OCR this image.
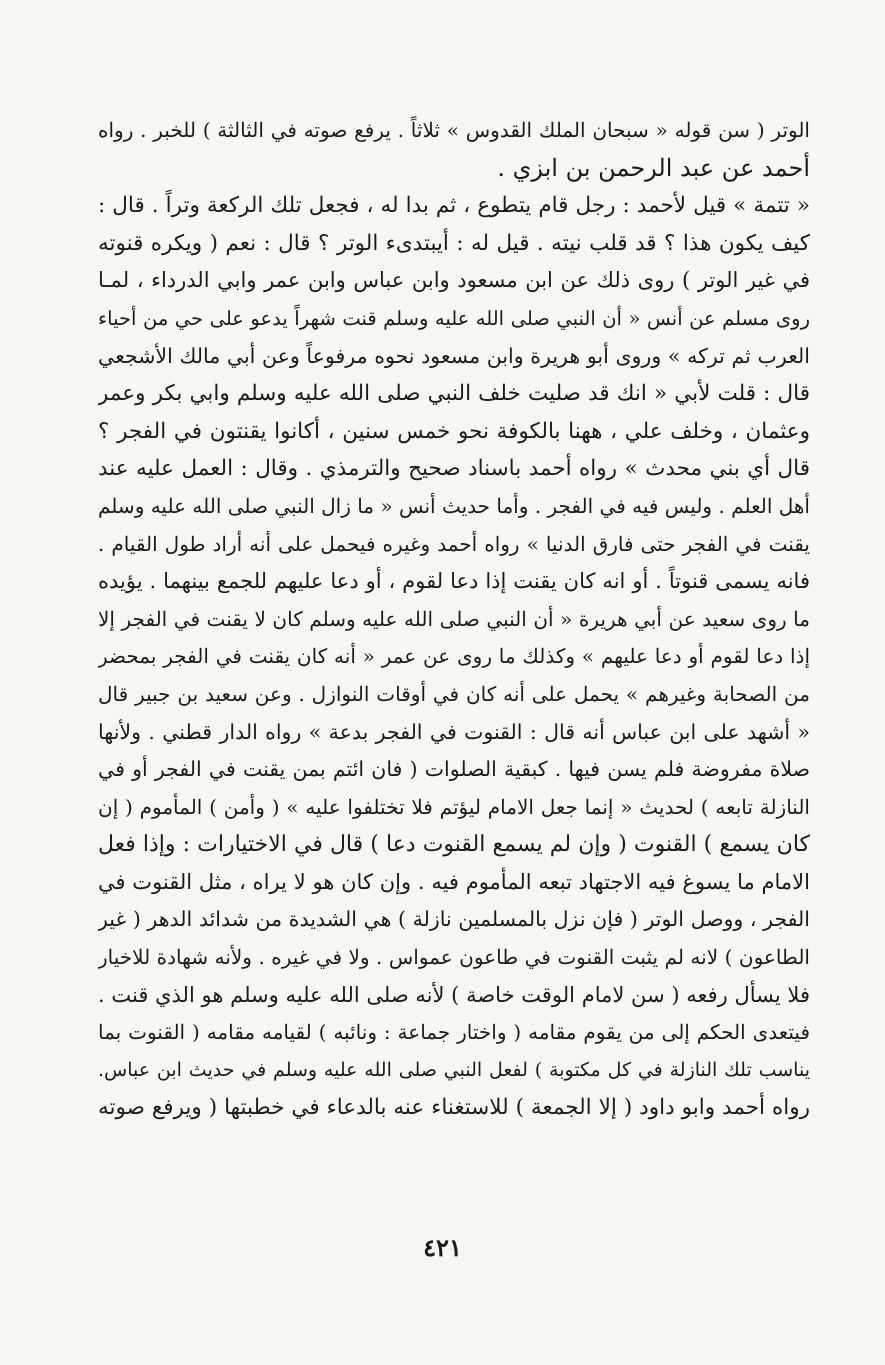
الوتر ( سن قوله « سبحان الملك القدوس » ثلاثاً . يرفع صوته في الثالثة ) للخبر . رواه
أحمد عن عبد الرحمن بن ابزي .
« تتمة » قيل لأحمد : رجل قام يتطوع ، ثم بدا له ، فجعل تلك الركعة وتراً . قال :
كيف يكون هذا ؟ قد قلب نيته . قيل له : أيبتدىء الوتر ؟ قال : نعم ( ويكره قنوته
في غير الوتر ) روى ذلك عن ابن مسعود وابن عباس وابن عمر وابي الدرداء ، لمـا
روى مسلم عن أنس « أن النبي صلى الله عليه وسلم قنت شهراً يدعو على حي من أحياء
العرب ثم تركه » وروى أبو هريرة وابن مسعود نحوه مرفوعاً وعن أبي مالك الأشجعي
قال : قلت لأبي « انك قد صليت خلف النبي صلى الله عليه وسلم وابي بكر وعمر
وعثمان ، وخلف علي ، ههنا بالكوفة نحو خمس سنين ، أكانوا يقنتون في الفجر ؟
قال أي بني محدث » رواه أحمد باسناد صحيح والترمذي . وقال : العمل عليه عند
أهل العلم . وليس فيه في الفجر . وأما حديث أنس « ما زال النبي صلى الله عليه وسلم
يقنت في الفجر حتى فارق الدنيا » رواه أحمد وغيره فيحمل على أنه أراد طول القيام .
فانه يسمى قنوتاً . أو انه كان يقنت إذا دعا لقوم ، أو دعا عليهم للجمع بينهما . يؤيده
ما روى سعيد عن أبي هريرة « أن النبي صلى الله عليه وسلم كان لا يقنت في الفجر إلا
إذا دعا لقوم أو دعا عليهم » وكذلك ما روى عن عمر « أنه كان يقنت في الفجر بمحضر
من الصحابة وغيرهم » يحمل على أنه كان في أوقات النوازل . وعن سعيد بن جبير قال
« أشهد على ابن عباس أنه قال : القنوت في الفجر بدعة » رواه الدار قطني . ولأنها
صلاة مفروضة فلم يسن فيها . كبقية الصلوات ( فان ائتم بمن يقنت في الفجر أو في
النازلة تابعه ) لحديث « إنما جعل الامام ليؤتم فلا تختلفوا عليه » ( وأمن ) المأموم ( إن
كان يسمع ) القنوت ( وإن لم يسمع القنوت دعا ) قال في الاختيارات : وإذا فعل
الامام ما يسوغ فيه الاجتهاد تبعه المأموم فيه . وإن كان هو لا يراه ، مثل القنوت في
الفجر ، ووصل الوتر ( فإن نزل بالمسلمين نازلة ) هي الشديدة من شدائد الدهر ( غير
الطاعون ) لانه لم يثبت القنوت في طاعون عمواس . ولا في غيره . ولأنه شهادة للاخيار
فلا يسأل رفعه ( سن لامام الوقت خاصة ) لأنه صلى الله عليه وسلم هو الذي قنت .
فيتعدى الحكم إلى من يقوم مقامه ( واختار جماعة : ونائبه ) لقيامه مقامه ( القنوت بما
يناسب تلك النازلة في كل مكتوبة ) لفعل النبي صلى الله عليه وسلم في حديث ابن عباس.
رواه أحمد وابو داود ( إلا الجمعة ) للاستغناء عنه بالدعاء في خطبتها ( ويرفع صوته
٤٢١
